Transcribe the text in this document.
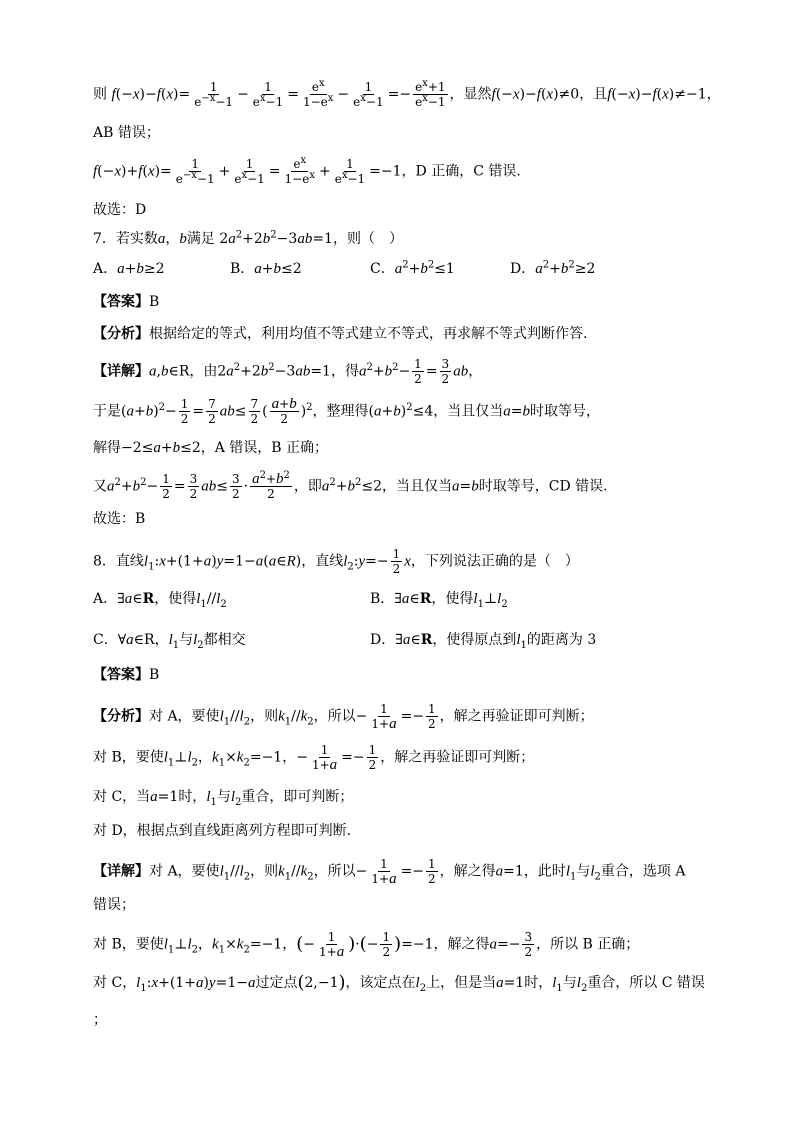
则 $f(-x)-f(x)= \frac{1}{e^{-x}-1} - \frac{1}{e^x-1} = \frac{e^x}{1-e^x} - \frac{1}{e^x-1} =- \frac{e^x+1}{e^x-1}$ ，显然f(−x)−f(x)≠0，且f(−x)−f(x)≠−1，
AB 错误；
$f(-x)+f(x)= \frac{1}{e^{-x}-1} + \frac{1}{e^x-1} = \frac{e^x}{1-e^x} + \frac{1}{e^x-1} =-1$，D 正确，C 错误.
故选：D
7．若实数a，b满足 $2a^2+2b^2-3ab=1$，则（　）
A．a+b≥2	B．a+b≤2	C．$a^2+b^2\le 1$	D．$a^2+b^2\ge 2$
【答案】B
【分析】根据给定的等式，利用均值不等式建立不等式，再求解不等式判断作答.
【详解】a,b∈R，由$2a^2+2b^2-3ab=1$，得$a^2+b^2- \frac{1}{2} = \frac{3}{2}$ ab，
于是$(a+b)^2- \frac{1}{2} = \frac{7}{2} ab\le \frac{7}{2}$ ( $\frac{a+b}{2} )^2$，整理得$(a+b)^2\le 4$，当且仅当a=b时取等号，
解得−2≤a+b≤2，A 错误，B 正确；
又$a^2+b^2- \frac{1}{2} = \frac{3}{2} ab\le \frac{3}{2} \cdot \frac{a^2+b^2}{2}$ ，即$a^2+b^2\le 2$，当且仅当a=b时取等号，CD 错误.
故选：B
8．直线$l_1:x+(1+a)y=1-a(a\in R)$，直线$l_2:y=- \frac{1}{2}$ x，下列说法正确的是（　）
A．∃a∈R，使得$l_1//l_2$	B．∃a∈R，使得$l_1\perp l_2$
C．∀a∈R，$l_1$与$l_2$都相交	D．∃a∈R，使得原点到$l_1$的距离为 3
【答案】B
【分析】对 A，要使$l_1//l_2$，则$k_1//k_2$，所以− $\frac{1}{1+a} =- \frac{1}{2}$ ，解之再验证即可判断；
对 B，要使$l_1\perp l_2$，$k_1\times k_2=-1$，− $\frac{1}{1+a} =- \frac{1}{2}$ ，解之再验证即可判断；
对 C，当a=1时，$l_1$与$l_2$重合，即可判断；
对 D，根据点到直线距离列方程即可判断.
【详解】对 A，要使$l_1//l_2$，则$k_1//k_2$，所以− $\frac{1}{1+a} =- \frac{1}{2}$ ，解之得a=1，此时$l_1$与$l_2$重合，选项 A
错误；
对 B，要使$l_1\perp l_2$，$k_1\times k_2=-1$，(− $\frac{1}{1+a}$ )·(− $\frac{1}{2} )=-1$，解之得$a=- \frac{3}{2}$ ，所以 B 正确；
对 C，$l_1:x+(1+a)y=1-a$过定点(2,−1)，该定点在$l_2$上，但是当a=1时，$l_1$与$l_2$重合，所以 C 错误
；
